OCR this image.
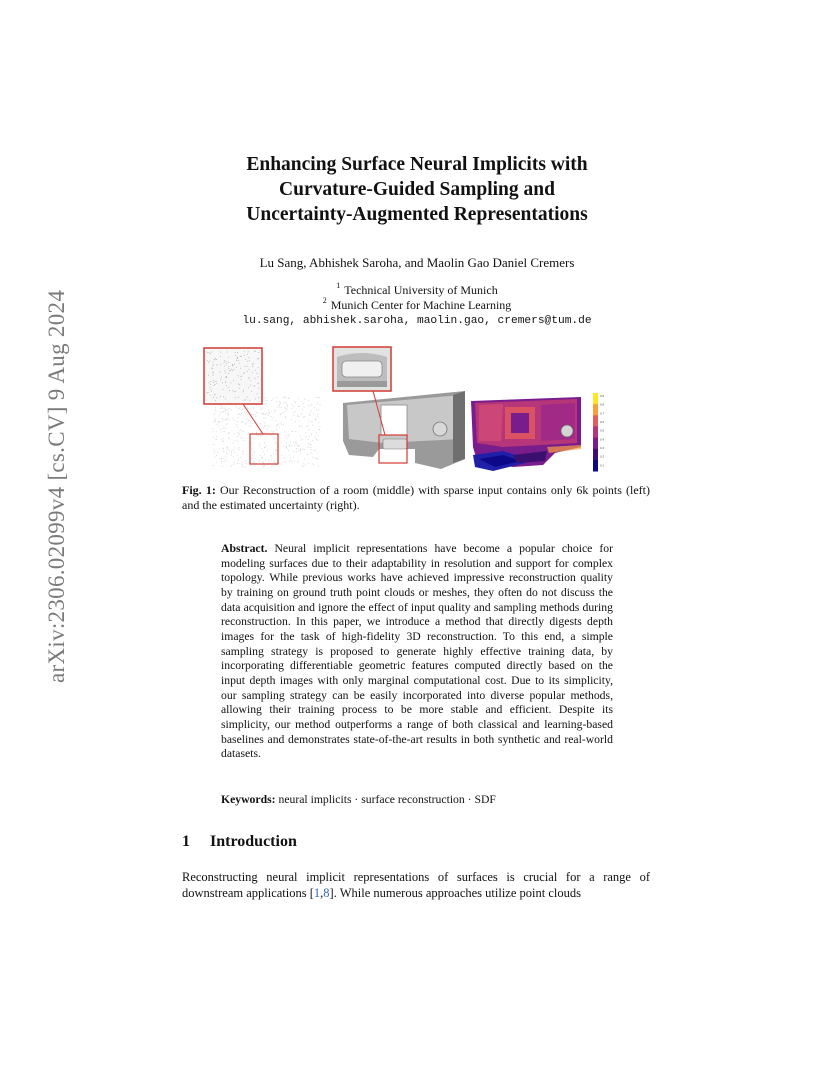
arXiv:2306.02099v4 [cs.CV] 9 Aug 2024
Enhancing Surface Neural Implicits with
Curvature-Guided Sampling and
Uncertainty-Augmented Representations
Lu Sang, Abhishek Saroha, and Maolin Gao Daniel Cremers
$^1$ Technical University of Munich
$^2$ Munich Center for Machine Learning
lu.sang, abhishek.saroha, maolin.gao, cremers@tum.de
0.9
0.8
0.7
0.6
0.5
0.4
0.3
0.2
0.1
Fig. 1: Our Reconstruction of a room (middle) with sparse input contains only 6k points (left) and the estimated uncertainty (right).
Abstract. Neural implicit representations have become a popular choice for modeling surfaces due to their adaptability in resolution and support for complex topology. While previous works have achieved impressive reconstruction quality by training on ground truth point clouds or meshes, they often do not discuss the data acquisition and ignore the effect of input quality and sampling methods during reconstruction. In this paper, we introduce a method that directly digests depth images for the task of high-fidelity 3D reconstruction. To this end, a simple sampling strategy is proposed to generate highly effective training data, by incorporating differentiable geometric features computed directly based on the input depth images with only marginal computational cost. Due to its simplicity, our sampling strategy can be easily incorporated into diverse popular methods, allowing their training process to be more stable and efficient. Despite its simplicity, our method outperforms a range of both classical and learning-based baselines and demonstrates state-of-the-art results in both synthetic and real-world datasets.
Keywords: neural implicits · surface reconstruction · SDF
1 Introduction
Reconstructing neural implicit representations of surfaces is crucial for a range of downstream applications [1,8]. While numerous approaches utilize point clouds
